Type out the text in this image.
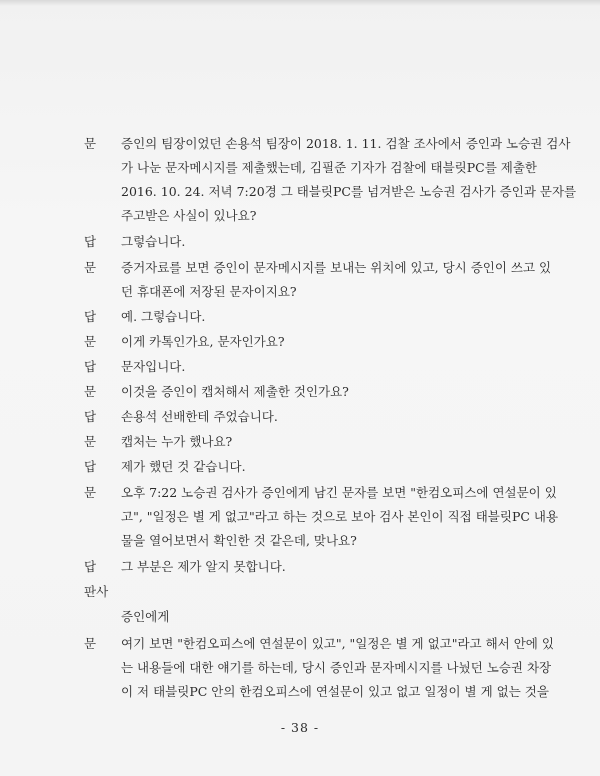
문 증인의 팀장이었던 손용석 팀장이 2018. 1. 11. 검찰 조사에서 증인과 노승권 검사
가 나눈 문자메시지를 제출했는데, 김필준 기자가 검찰에 태블릿PC를 제출한
2016. 10. 24. 저녁 7:20경 그 태블릿PC를 넘겨받은 노승권 검사가 증인과 문자를
주고받은 사실이 있나요?
답 그렇습니다.
문 증거자료를 보면 증인이 문자메시지를 보내는 위치에 있고, 당시 증인이 쓰고 있
던 휴대폰에 저장된 문자이지요?
답 예. 그렇습니다.
문 이게 카톡인가요, 문자인가요?
답 문자입니다.
문 이것을 증인이 캡처해서 제출한 것인가요?
답 손용석 선배한테 주었습니다.
문 캡처는 누가 했나요?
답 제가 했던 것 같습니다.
문 오후 7:22 노승권 검사가 증인에게 남긴 문자를 보면 "한컴오피스에 연설문이 있
고", "일정은 별 게 없고"라고 하는 것으로 보아 검사 본인이 직접 태블릿PC 내용
물을 열어보면서 확인한 것 같은데, 맞나요?
답 그 부분은 제가 알지 못합니다.
판사
증인에게
문 여기 보면 "한컴오피스에 연설문이 있고", "일정은 별 게 없고"라고 해서 안에 있
는 내용들에 대한 얘기를 하는데, 당시 증인과 문자메시지를 나눴던 노승권 차장
이 저 태블릿PC 안의 한컴오피스에 연설문이 있고 없고 일정이 별 게 없는 것을
- 38 -
